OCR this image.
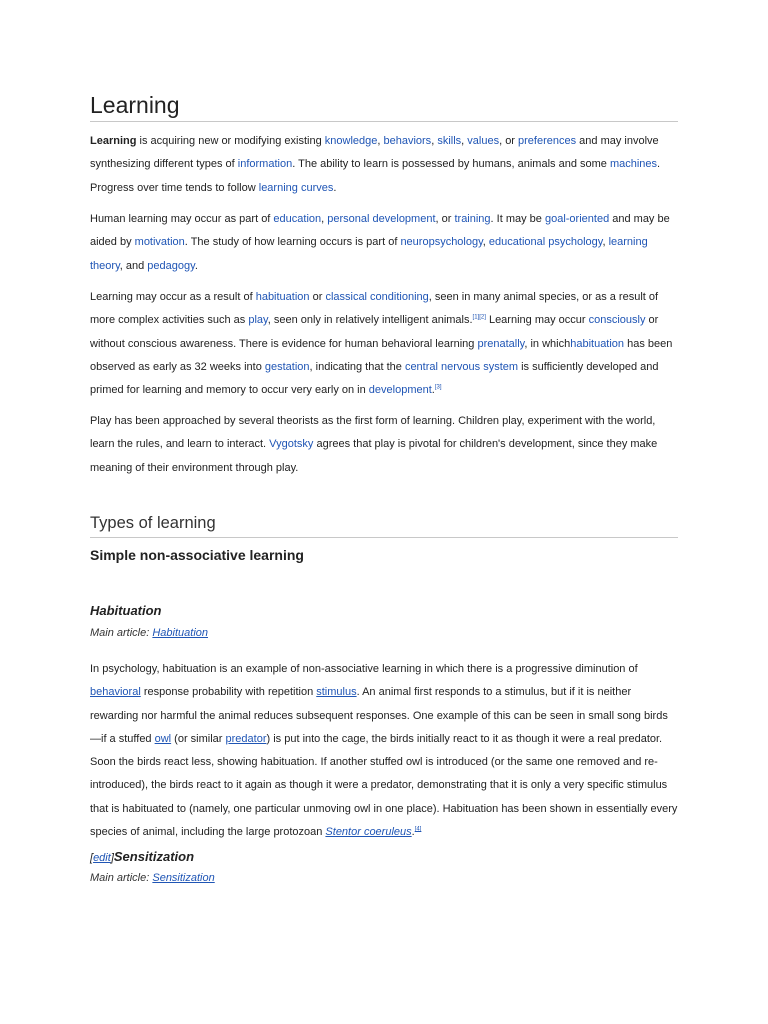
Learning

Learning is acquiring new or modifying existing knowledge, behaviors, skills, values, or preferences and may involve synthesizing different types of information. The ability to learn is possessed by humans, animals and some machines. Progress over time tends to follow learning curves.

Human learning may occur as part of education, personal development, or training. It may be goal-oriented and may be aided by motivation. The study of how learning occurs is part of neuropsychology, educational psychology, learning theory, and pedagogy.

Learning may occur as a result of habituation or classical conditioning, seen in many animal species, or as a result of more complex activities such as play, seen only in relatively intelligent animals.[1][2] Learning may occur consciously or without conscious awareness. There is evidence for human behavioral learning prenatally, in whichhabituation has been observed as early as 32 weeks into gestation, indicating that the central nervous system is sufficiently developed and primed for learning and memory to occur very early on in development.[3]

Play has been approached by several theorists as the first form of learning. Children play, experiment with the world, learn the rules, and learn to interact. Vygotsky agrees that play is pivotal for children's development, since they make meaning of their environment through play.

Types of learning
Simple non-associative learning
Habituation
Main article: Habituation

In psychology, habituation is an example of non-associative learning in which there is a progressive diminution of behavioral response probability with repetition stimulus. An animal first responds to a stimulus, but if it is neither rewarding nor harmful the animal reduces subsequent responses. One example of this can be seen in small song birds—if a stuffed owl (or similar predator) is put into the cage, the birds initially react to it as though it were a real predator. Soon the birds react less, showing habituation. If another stuffed owl is introduced (or the same one removed and re-introduced), the birds react to it again as though it were a predator, demonstrating that it is only a very specific stimulus that is habituated to (namely, one particular unmoving owl in one place). Habituation has been shown in essentially every species of animal, including the large protozoan Stentor coeruleus.[4]

[edit]Sensitization
Main article: Sensitization
